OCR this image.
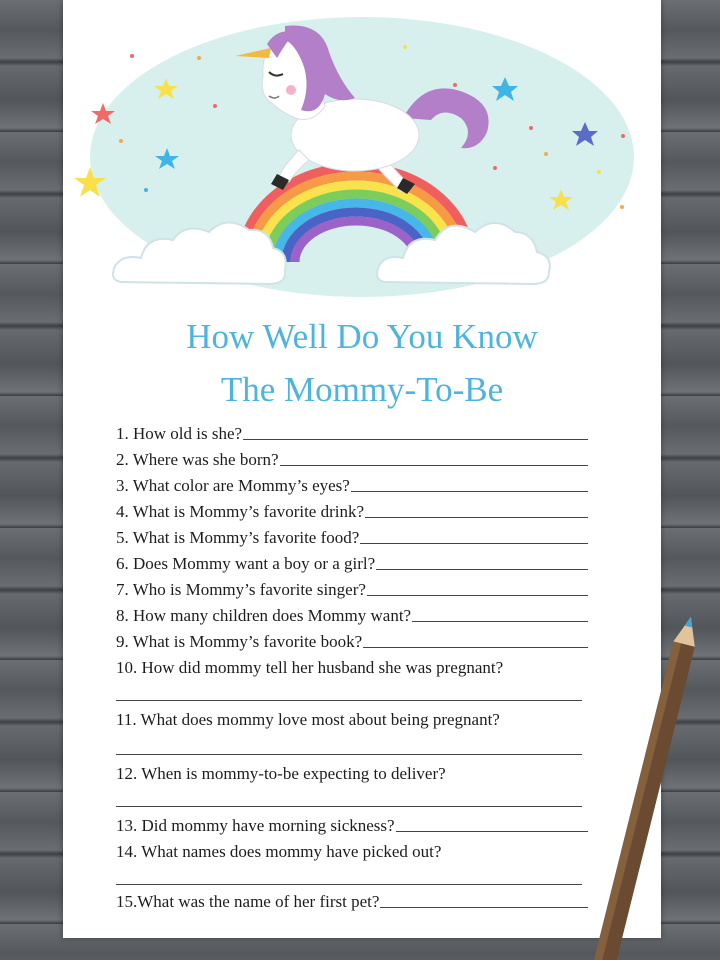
How Well Do You Know
The Mommy-To-Be
1. How old is she?
2. Where was she born?
3. What color are Mommy’s eyes?
4. What is Mommy’s favorite drink?
5. What is Mommy’s favorite food?
6. Does Mommy want a boy or a girl?
7. Who is Mommy’s favorite singer?
8. How many children does Mommy want?
9. What is Mommy’s favorite book?
10. How did mommy tell her husband she was pregnant?
11. What does mommy love most about being pregnant?
12. When is mommy-to-be expecting to deliver?
13. Did mommy have morning sickness?
14. What names does mommy have picked out?
15.What was the name of her first pet?
